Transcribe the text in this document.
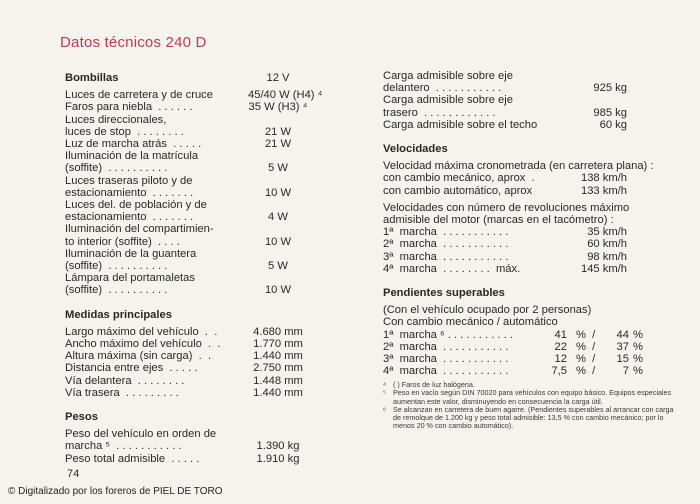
Datos técnicos 240 D
Bombillas	12 V
Luces de carretera y de cruce	45/40 W (H4) ⁴
Faros para niebla  . . . . . .	35 W (H3) ⁴
Luces direccionales,
luces de stop  . . . . . . . .	21 W
Luz de marcha atrás  . . . . .	21 W
Iluminación de la matrícula
(soffite)  . . . . . . . . . .	5 W
Luces traseras piloto y de
estacionamiento  . . . . . . .	10 W
Luces del. de población y de
estacionamiento  . . . . . . .	4 W
Iluminación del compartimien-
to interior (soffite)  . . . .	10 W
Iluminación de la guantera
(soffite)  . . . . . . . . . .	5 W
Lámpara del portamaletas
(soffite)  . . . . . . . . . .	10 W
Medidas principales
Largo máximo del vehículo  .  .	4.680 mm
Ancho máximo del vehículo  .  .	1.770 mm
Altura máxima (sin carga)  .  .	1.440 mm
Distancia entre ejes  . . . . .	2.750 mm
Vía delantera  . . . . . . . .	1.448 mm
Vía trasera  . . . . . . . . .	1.440 mm
Pesos
Peso del vehículo en orden de
marcha ⁵  . . . . . . . . . . .	1.390 kg
Peso total admisible  . . . . .	1.910 kg
Carga admisible sobre eje
delantero  . . . . . . . . . . .	925 kg
Carga admisible sobre eje
trasero  . . . . . . . . . . . .	985 kg
Carga admisible sobre el techo	60 kg
Velocidades
Velocidad máxima cronometrada (en carretera plana) :
con cambio mecánico, aprox  .	138 km/h
con cambio automático, aprox	133 km/h
Velocidades con número de revoluciones máximo
admisible del motor (marcas en el tacómetro) :
1ª  marcha  . . . . . . . . . . .	35 km/h
2ª  marcha  . . . . . . . . . . .	60 km/h
3ª  marcha  . . . . . . . . . . .	98 km/h
4ª  marcha  . . . . . . . .  máx.	145 km/h
Pendientes superables
(Con el vehículo ocupado por 2 personas)
Con cambio mecánico / automático
1ª  marcha ⁶ . . . . . . . . . . .	41 %  /	44 %
2ª  marcha  . . . . . . . . . . .	22 %  /	37 %
3ª  marcha  . . . . . . . . . . .	12 %  /	15 %
4ª  marcha  . . . . . . . . . . .	7,5 %  /	7 %
⁴ ( ) Faros de luz halógena.
⁵ Peso en vacío según DIN 70020 para vehículos con equipo básico. Equipos especiales aumentan este valor, disminuyendo en consecuencia la carga útil.
⁶ Se alcanzan en carretera de buen agarre. (Pendientes superables al arrancar con carga de remolque de 1.200 kg y peso total admisible: 13,5 % con cambio mecánico; por lo menos 20 % con cambio automático).
74
© Digitalizado por los foreros de PIEL DE TORO
